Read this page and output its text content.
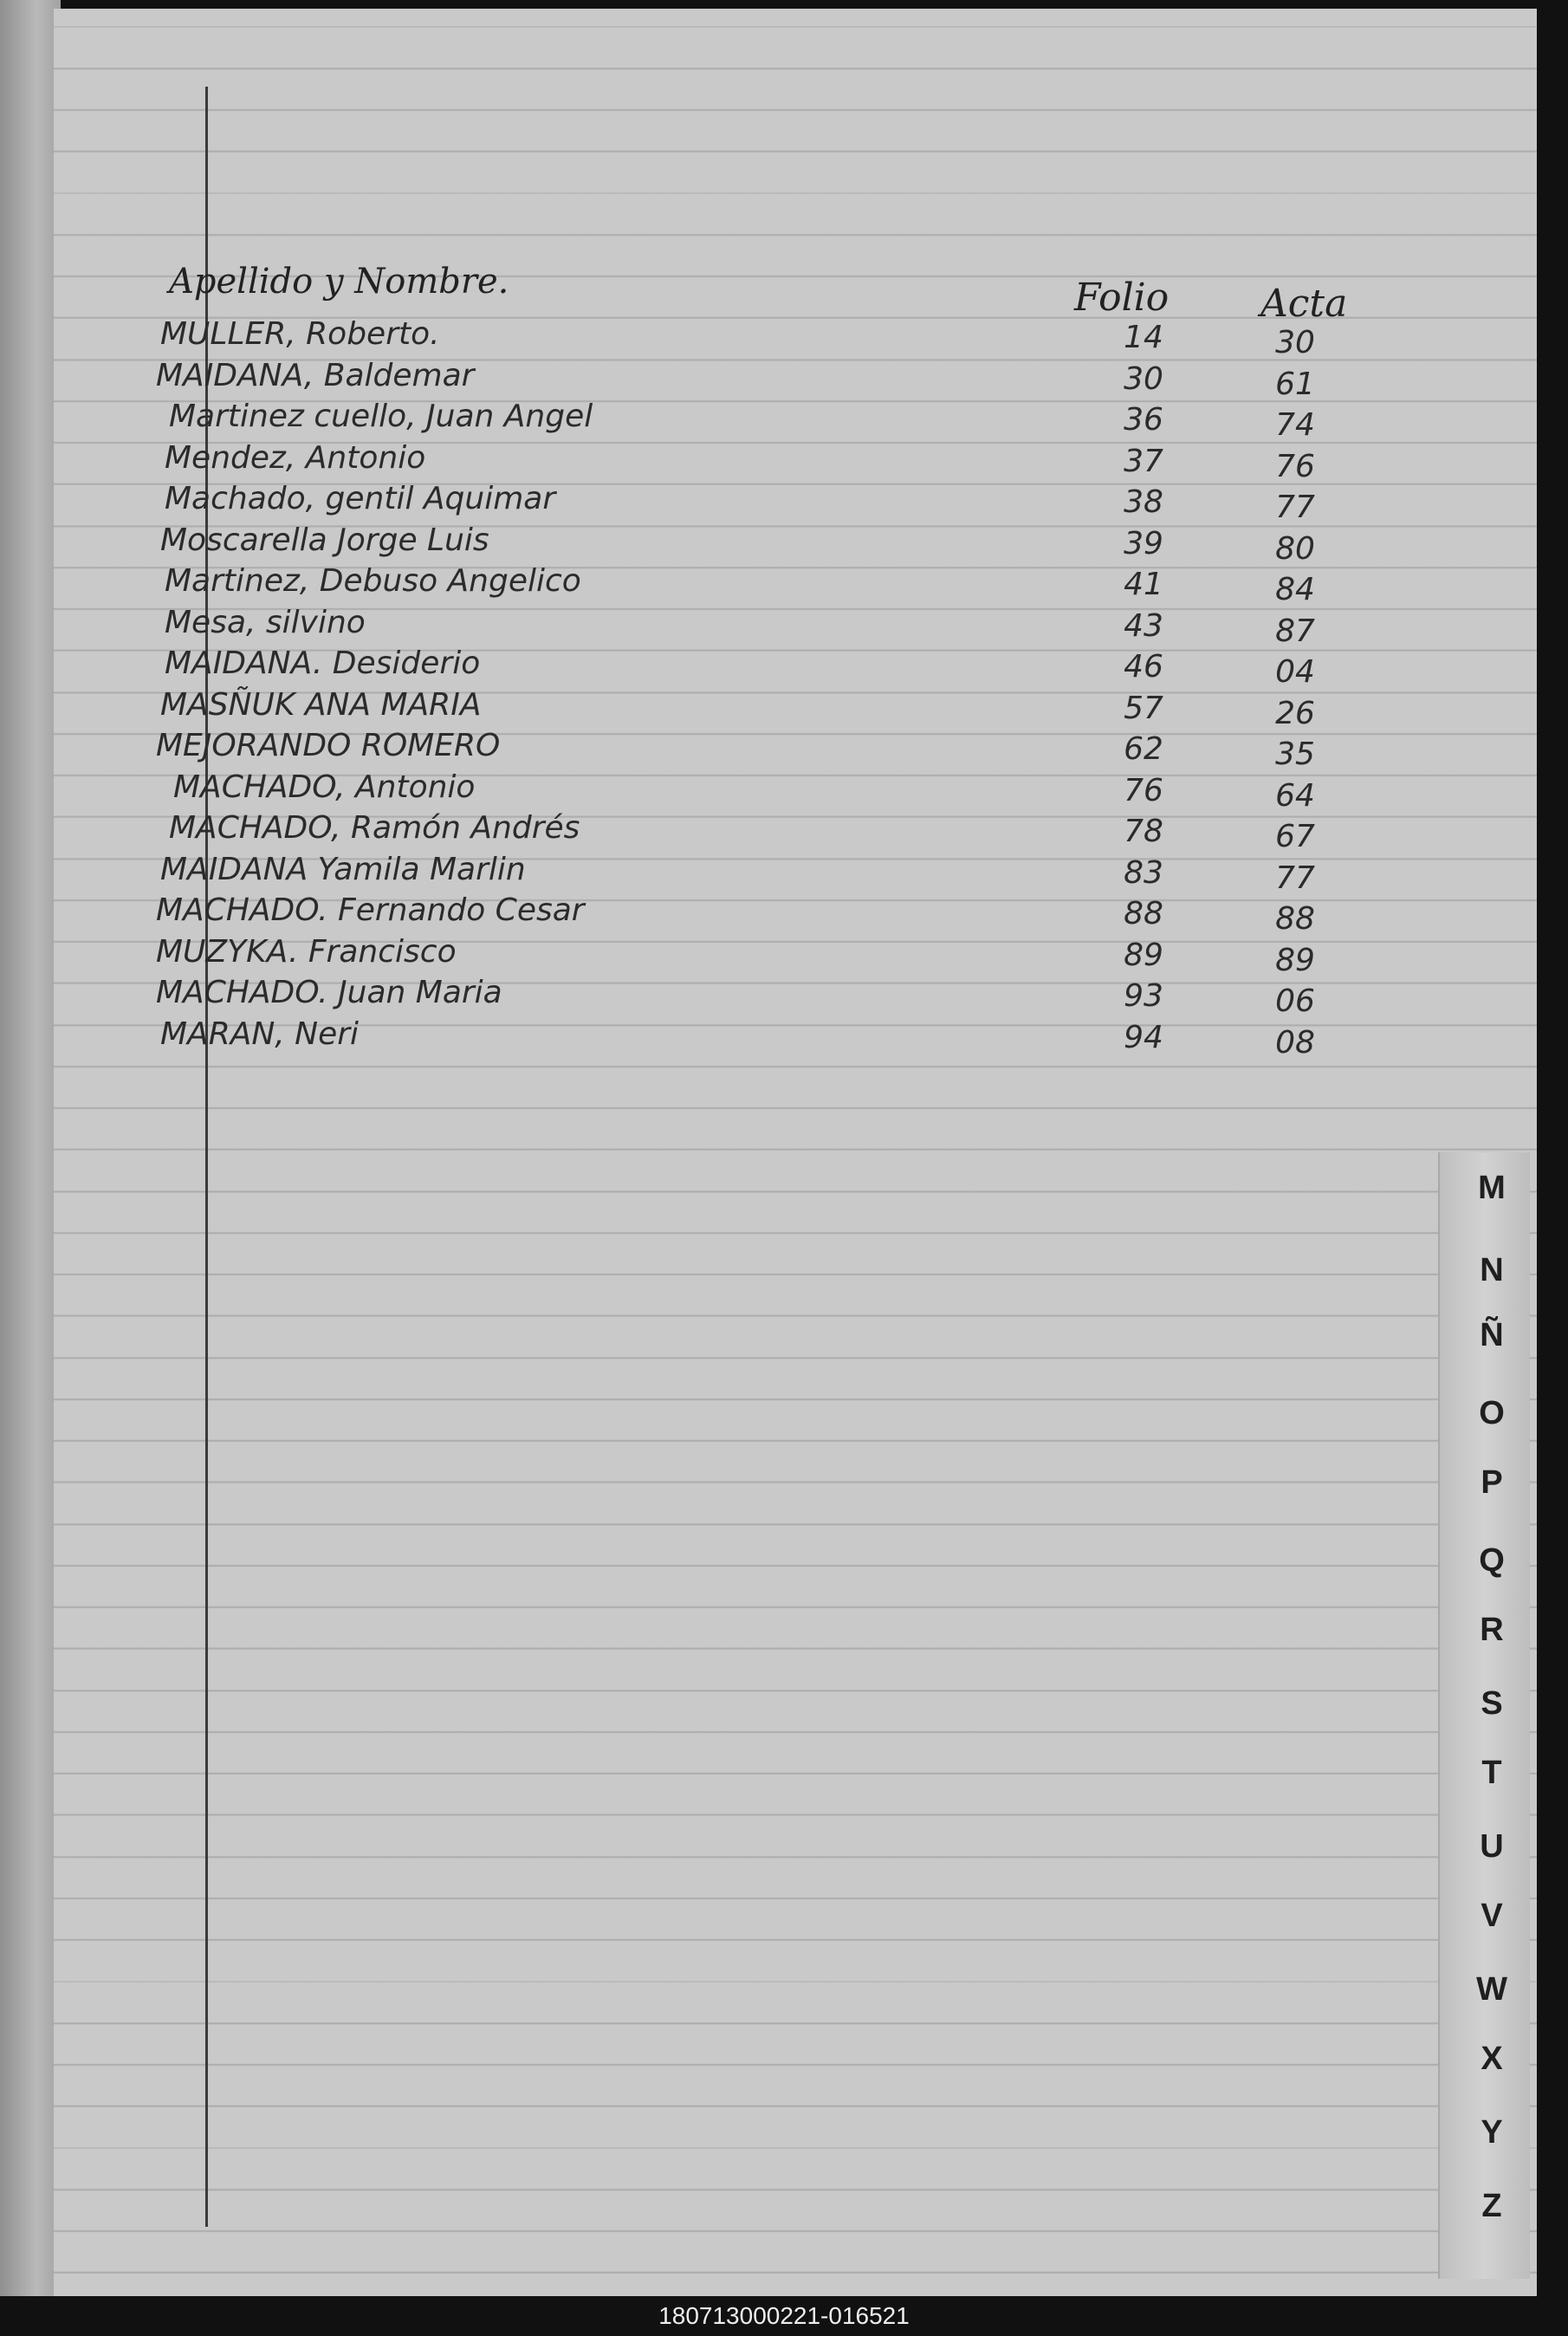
Apellido y Nombre.	Folio Acta
MULLER, Roberto.	14	30
MAIDANA, Baldemar	30	61
Martinez cuello, Juan Angel	36	74
Mendez, Antonio	37	76
Machado, gentil Aquimar	38	77
Moscarella Jorge Luis	39	80
Martinez, Debuso Angelico	41	84
Mesa, silvino	43	87
MAIDANA. Desiderio	46	04
MASÑUK ANA MARIA	57	26
MEJORANDO ROMERO	62	35
MACHADO, Antonio	76	64
MACHADO, Ramón Andrés	78	67
MAIDANA Yamila Marlin	83	77
MACHADO. Fernando Cesar	88	88
MUZYKA. Francisco	89	89
MACHADO. Juan Maria	93	06
MARAN, Neri	94	08
M
N
Ñ
O
P
Q
R
S
T
U
V
W
X
Y
Z
180713000221-016521
